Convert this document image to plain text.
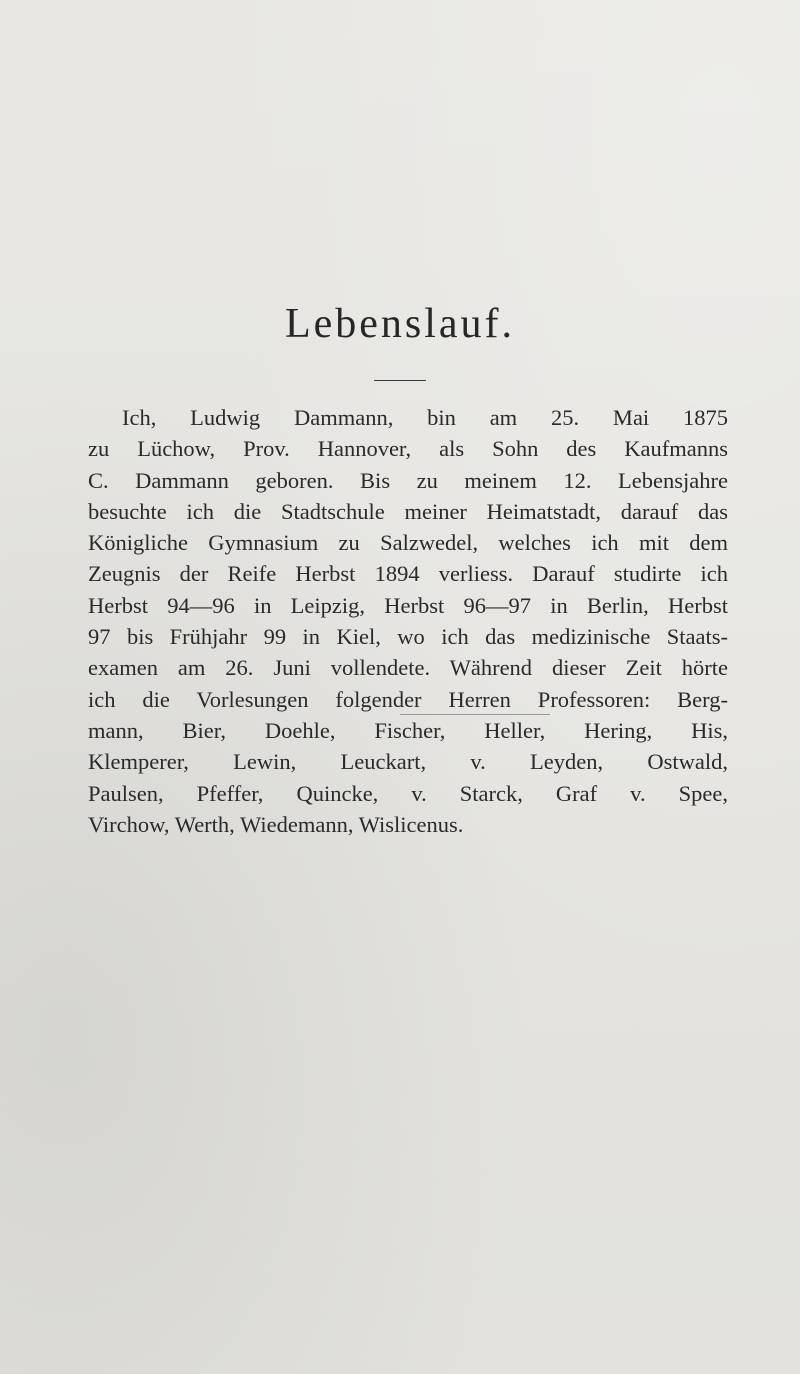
Lebenslauf.
Ich, Ludwig Dammann, bin am 25. Mai 1875
zu Lüchow, Prov. Hannover, als Sohn des Kaufmanns
C. Dammann geboren. Bis zu meinem 12. Lebensjahre
besuchte ich die Stadtschule meiner Heimatstadt, darauf das
Königliche Gymnasium zu Salzwedel, welches ich mit dem
Zeugnis der Reife Herbst 1894 verliess. Darauf studirte ich
Herbst 94—96 in Leipzig, Herbst 96—97 in Berlin, Herbst
97 bis Frühjahr 99 in Kiel, wo ich das medizinische Staats-
examen am 26. Juni vollendete. Während dieser Zeit hörte
ich die Vorlesungen folgender Herren Professoren: Berg-
mann, Bier, Doehle, Fischer, Heller, Hering, His,
Klemperer, Lewin, Leuckart, v. Leyden, Ostwald,
Paulsen, Pfeffer, Quincke, v. Starck, Graf v. Spee,
Virchow, Werth, Wiedemann, Wislicenus.
